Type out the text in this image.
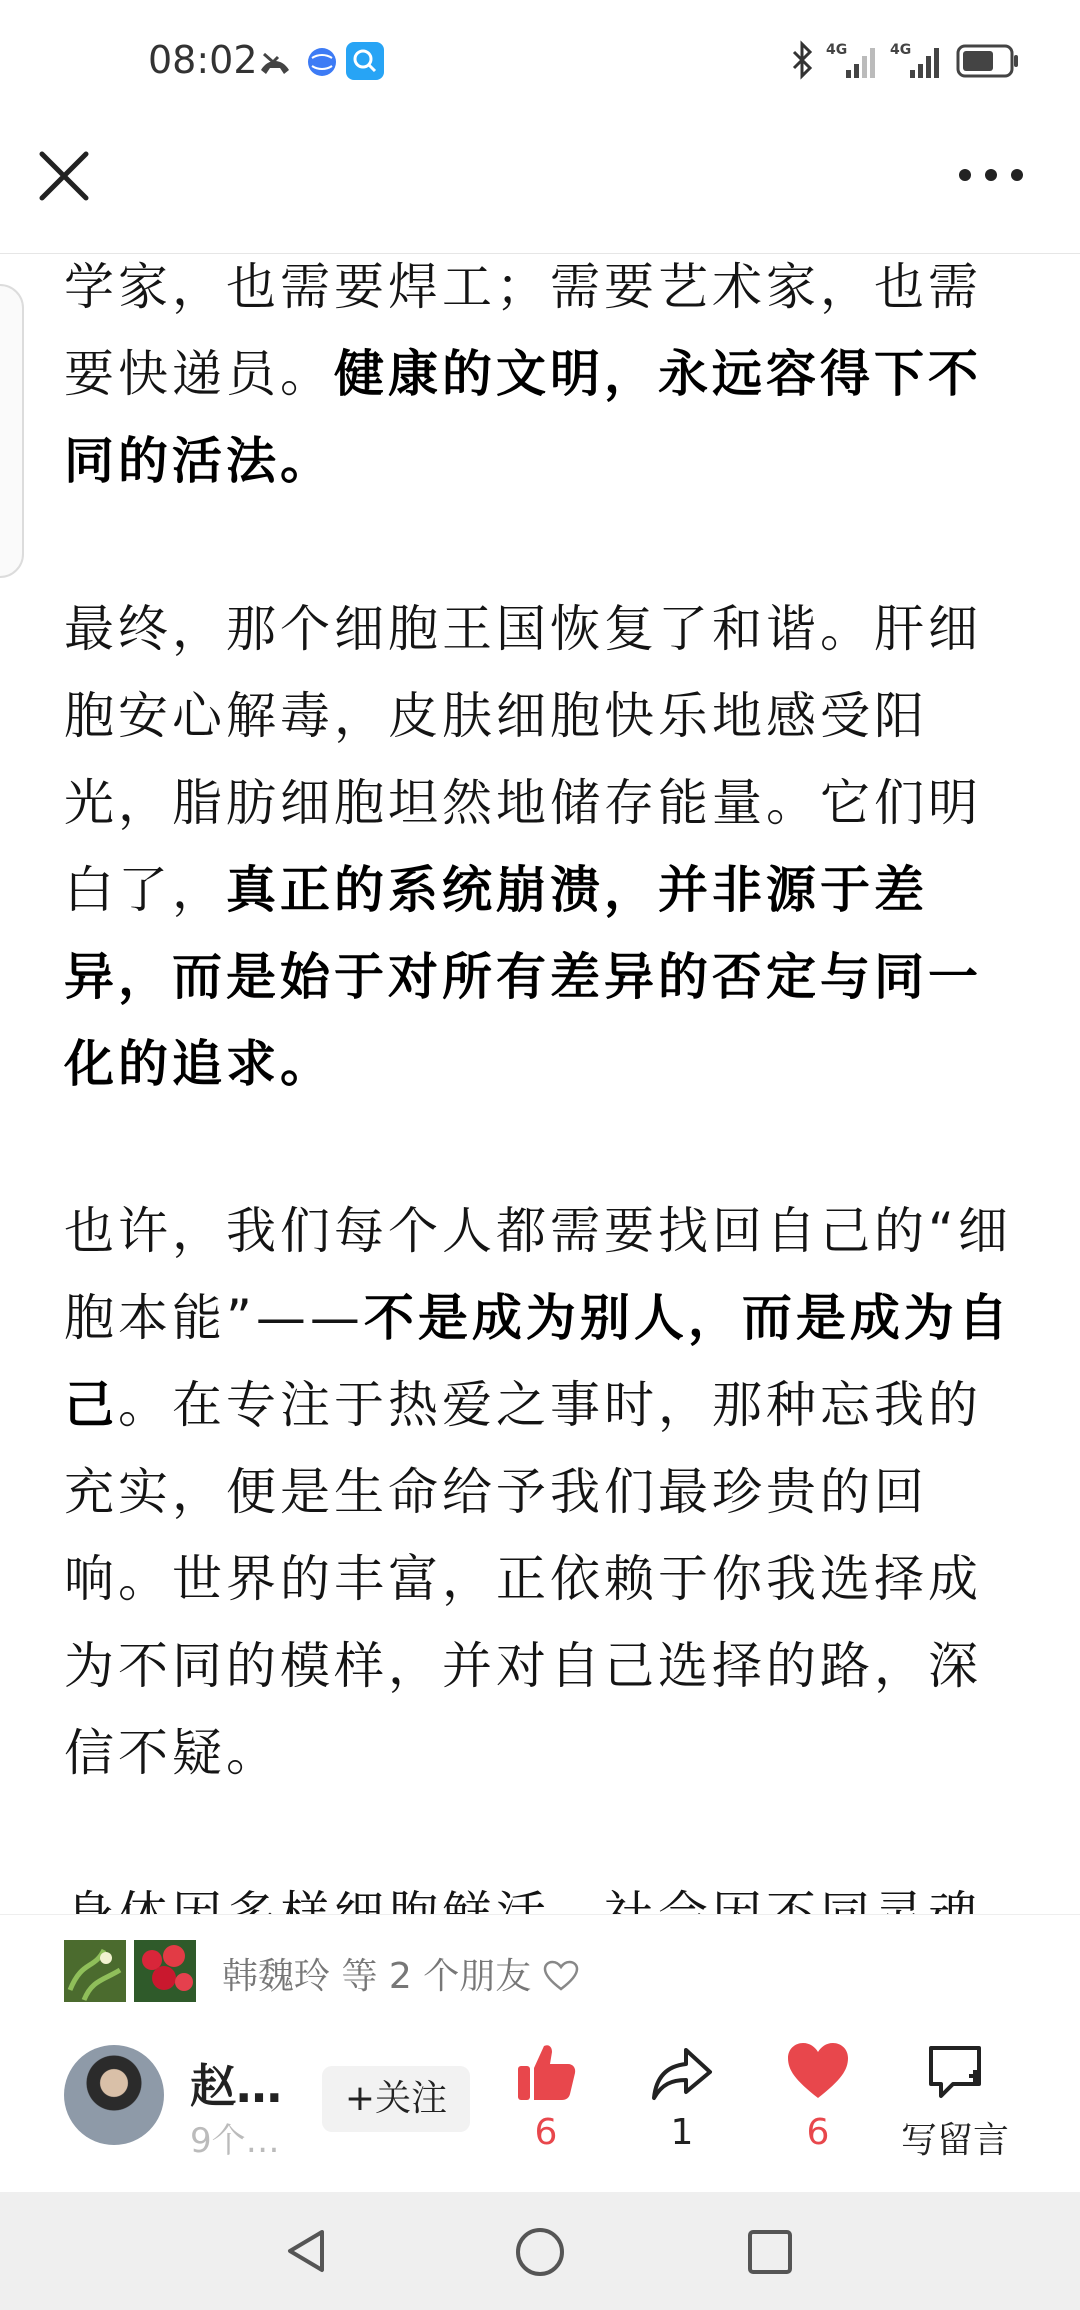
08:02	4G	4G

学家，也需要焊工；需要艺术家，也需要快递员。健康的文明，永远容得下不同的活法。

最终，那个细胞王国恢复了和谐。肝细胞安心解毒，皮肤细胞快乐地感受阳光，脂肪细胞坦然地储存能量。它们明白了，真正的系统崩溃，并非源于差异，而是始于对所有差异的否定与同一化的追求。

也许，我们每个人都需要找回自己的“细胞本能”——不是成为别人，而是成为自己。在专注于热爱之事时，那种忘我的充实，便是生命给予我们最珍贵的回响。世界的丰富，正依赖于你我选择成为不同的模样，并对自己选择的路，深信不疑。

韩魏玲 等 2 个朋友
赵…
9个…
+关注
6	1	6	写留言
